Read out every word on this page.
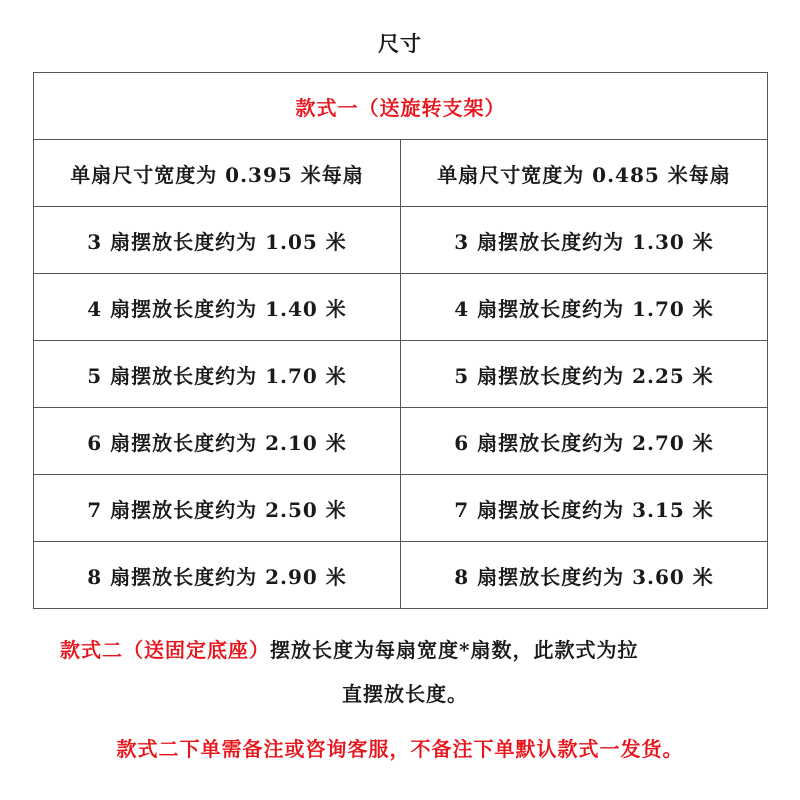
尺寸
款式一（送旋转支架）	
单扇尺寸宽度为 0.395 米每扇	单扇尺寸宽度为 0.485 米每扇
3 扇摆放长度约为 1.05 米	3 扇摆放长度约为 1.30 米
4 扇摆放长度约为 1.40 米	4 扇摆放长度约为 1.70 米
5 扇摆放长度约为 1.70 米	5 扇摆放长度约为 2.25 米
6 扇摆放长度约为 2.10 米	6 扇摆放长度约为 2.70 米
7 扇摆放长度约为 2.50 米	7 扇摆放长度约为 3.15 米
8 扇摆放长度约为 2.90 米	8 扇摆放长度约为 3.60 米
款式二（送固定底座）摆放长度为每扇宽度*扇数，此款式为拉
直摆放长度。
款式二下单需备注或咨询客服，不备注下单默认款式一发货。
